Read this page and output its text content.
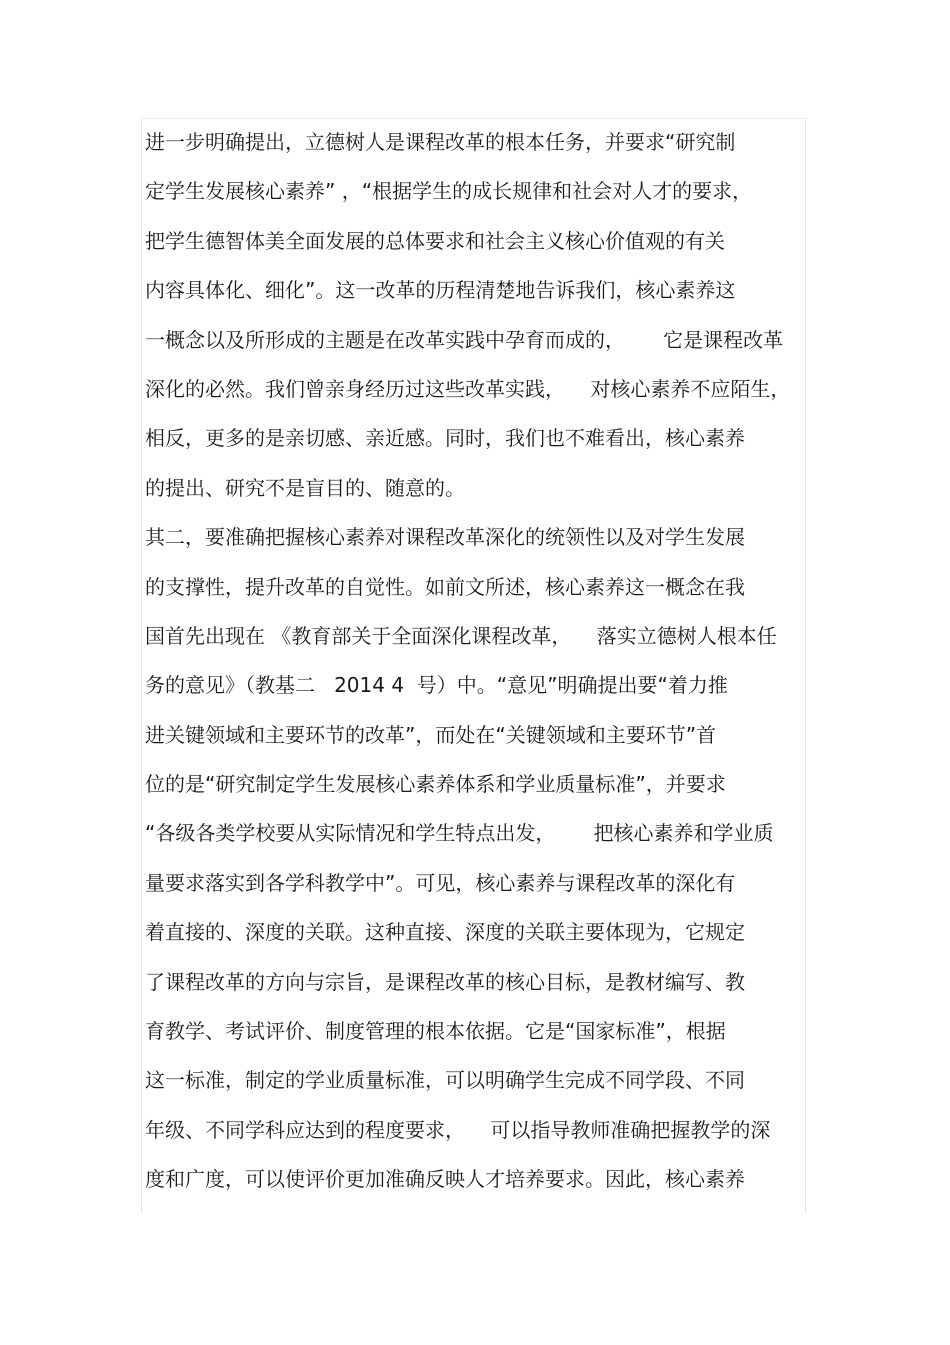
进一步明确提出，立德树人是课程改革的根本任务，并要求“研究制
定学生发展核心素养” ，“根据学生的成长规律和社会对人才的要求，
把学生德智体美全面发展的总体要求和社会主义核心价值观的有关
内容具体化、细化”。这一改革的历程清楚地告诉我们，核心素养这
一概念以及所形成的主题是在改革实践中孕育而成的，      它是课程改革
深化的必然。我们曾亲身经历过这些改革实践，    对核心素养不应陌生，
相反，更多的是亲切感、亲近感。同时，我们也不难看出，核心素养
的提出、研究不是盲目的、随意的。
其二，要准确把握核心素养对课程改革深化的统领性以及对学生发展
的支撑性，提升改革的自觉性。如前文所述，核心素养这一概念在我
国首先出现在 《教育部关于全面深化课程改革，    落实立德树人根本任
务的意见》（教基二   2014 4  号）中。“意见”明确提出要“着力推
进关键领域和主要环节的改革”，而处在“关键领域和主要环节”首
位的是“研究制定学生发展核心素养体系和学业质量标准”，并要求
“各级各类学校要从实际情况和学生特点出发，      把核心素养和学业质
量要求落实到各学科教学中”。可见，核心素养与课程改革的深化有
着直接的、深度的关联。这种直接、深度的关联主要体现为，它规定
了课程改革的方向与宗旨，是课程改革的核心目标，是教材编写、教
育教学、考试评价、制度管理的根本依据。它是“国家标准”，根据
这一标准，制定的学业质量标准，可以明确学生完成不同学段、不同
年级、不同学科应达到的程度要求，    可以指导教师准确把握教学的深
度和广度，可以使评价更加准确反映人才培养要求。因此，核心素养
